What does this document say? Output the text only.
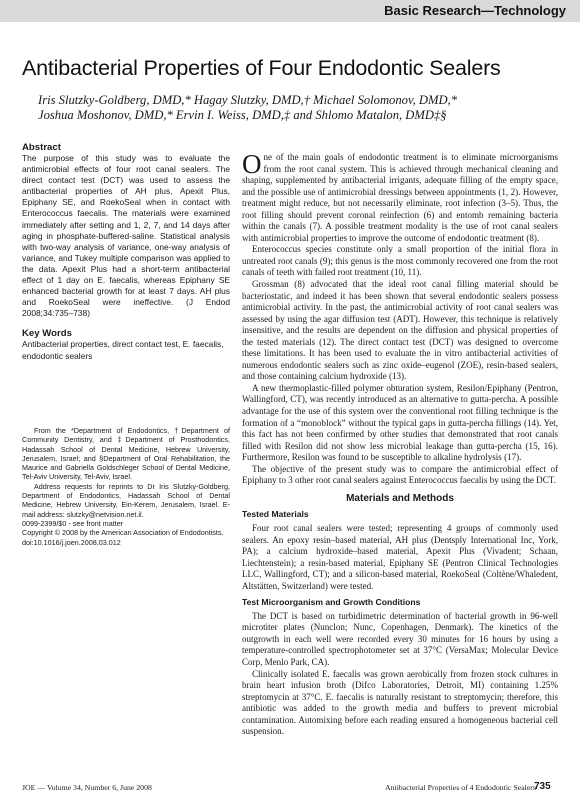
Basic Research—Technology
Antibacterial Properties of Four Endodontic Sealers
Iris Slutzky-Goldberg, DMD,* Hagay Slutzky, DMD,† Michael Solomonov, DMD,*
Joshua Moshonov, DMD,* Ervin I. Weiss, DMD,‡ and Shlomo Matalon, DMD‡§
Abstract

The purpose of this study was to evaluate the antimicrobial effects of four root canal sealers. The direct contact test (DCT) was used to assess the antibacterial properties of AH plus, Apexit Plus, Epiphany SE, and RoekoSeal when in contact with Enterococcus faecalis. The materials were examined immediately after setting and 1, 2, 7, and 14 days after aging in phosphate-buffered-saline. Statistical analysis with two-way analysis of variance, one-way analysis of variance, and Tukey multiple comparison was applied to the data. Apexit Plus had a short-term antibacterial effect of 1 day on E. faecalis, whereas Epiphany SE enhanced bacterial growth for at least 7 days. AH plus and RoekoSeal were ineffective. (J Endod 2008;34:735–738)

Key Words

Antibacterial properties, direct contact test, E. faecalis, endodontic sealers

From the *Department of Endodontics, †Department of Community Dentistry, and ‡Department of Prosthodontics, Hadassah School of Dental Medicine, Hebrew University, Jerusalem, Israel; and §Department of Oral Rehabilitation, the Maurice and Gabriella Goldschleger School of Dental Medicine, Tel-Aviv University, Tel-Aviv, Israel.

Address requests for reprints to Dr Iris Slutzky-Goldberg, Department of Endodontics, Hadassah School of Dental Medicine, Hebrew University, Ein-Kerem, Jerusalem, Israel. E-mail address: slutzky@netvision.net.il.

0099-2399/$0 - see front matter

Copyright © 2008 by the American Association of Endodontists.

doi:10.1016/j.joen.2008.03.012

One of the main goals of endodontic treatment is to eliminate microorganisms from the root canal system. This is achieved through mechanical cleaning and shaping, supplemented by antibacterial irrigants, adequate filling of the empty space, and the possible use of antimicrobial dressings between appointments (1, 2). However, treatment might reduce, but not necessarily eliminate, root infection (3–5). Thus, the root filling should prevent coronal reinfection (6) and entomb remaining bacteria within the canals (7). A possible treatment modality is the use of root canal sealers with antimicrobial properties to improve the outcome of endodontic treatment (8).

Enterococcus species constitute only a small proportion of the initial flora in untreated root canals (9); this genus is the most commonly recovered one from the root canals of teeth with failed root treatment (10, 11).

Grossman (8) advocated that the ideal root canal filling material should be bacteriostatic, and indeed it has been shown that several endodontic sealers possess antimicrobial activity. In the past, the antimicrobial activity of root canal sealers was assessed by using the agar diffusion test (ADT). However, this technique is relatively insensitive, and the results are dependent on the diffusion and physical properties of the tested materials (12). The direct contact test (DCT) was designed to overcome these limitations. It has been used to evaluate the in vitro antibacterial activities of numerous endodontic sealers such as zinc oxide–eugenol (ZOE), resin-based sealers, and those containing calcium hydroxide (13).

A new thermoplastic-filled polymer obturation system, Resilon/Epiphany (Pentron, Wallingford, CT), was recently introduced as an alternative to gutta-percha. A possible advantage for the use of this system over the conventional root filling technique is the formation of a “monoblock” without the typical gaps in gutta-percha fillings (14). Yet, this fact has not been confirmed by other studies that demonstrated that root canals filled with Resilon did not show less microbial leakage than gutta-percha (15, 16). Furthermore, Resilon was found to be susceptible to alkaline hydrolysis (17).

The objective of the present study was to compare the antimicrobial effect of Epiphany to 3 other root canal sealers against Enterococcus faecalis by using the DCT.

Materials and Methods
Tested Materials

Four root canal sealers were tested; representing 4 groups of commonly used sealers. An epoxy resin–based material, AH plus (Dentsply International Inc, York, PA); a calcium hydroxide–based material, Apexit Plus (Vivadent; Schaan, Liechtenstein); a resin-based material, Epiphany SE (Pentron Clinical Technologies LLC, Wallingford, CT); and a silicon-based material, RoekoSeal (Coltène/Whaledent, Altstätten, Switzerland) were tested.

Test Microorganism and Growth Conditions

The DCT is based on turbidimetric determination of bacterial growth in 96-well microtiter plates (Nunclon; Nunc, Copenhagen, Denmark). The kinetics of the outgrowth in each well were recorded every 30 minutes for 16 hours by using a temperature-controlled spectrophotometer set at 37°C (VersaMax; Molecular Device Corp, Menlo Park, CA).

Clinically isolated E. faecalis was grown aerobically from frozen stock cultures in brain heart infusion broth (Difco Laboratories, Detroit, MI) containing 1.25% streptomycin at 37°C. E. faecalis is naturally resistant to streptomycin; therefore, this antibiotic was added to the growth media and buffers to prevent microbial contamination. Automixing before each reading ensured a homogeneous bacterial cell suspension.

JOE — Volume 34, Number 6, June 2008	Antibacterial Properties of 4 Endodontic Sealers
735
